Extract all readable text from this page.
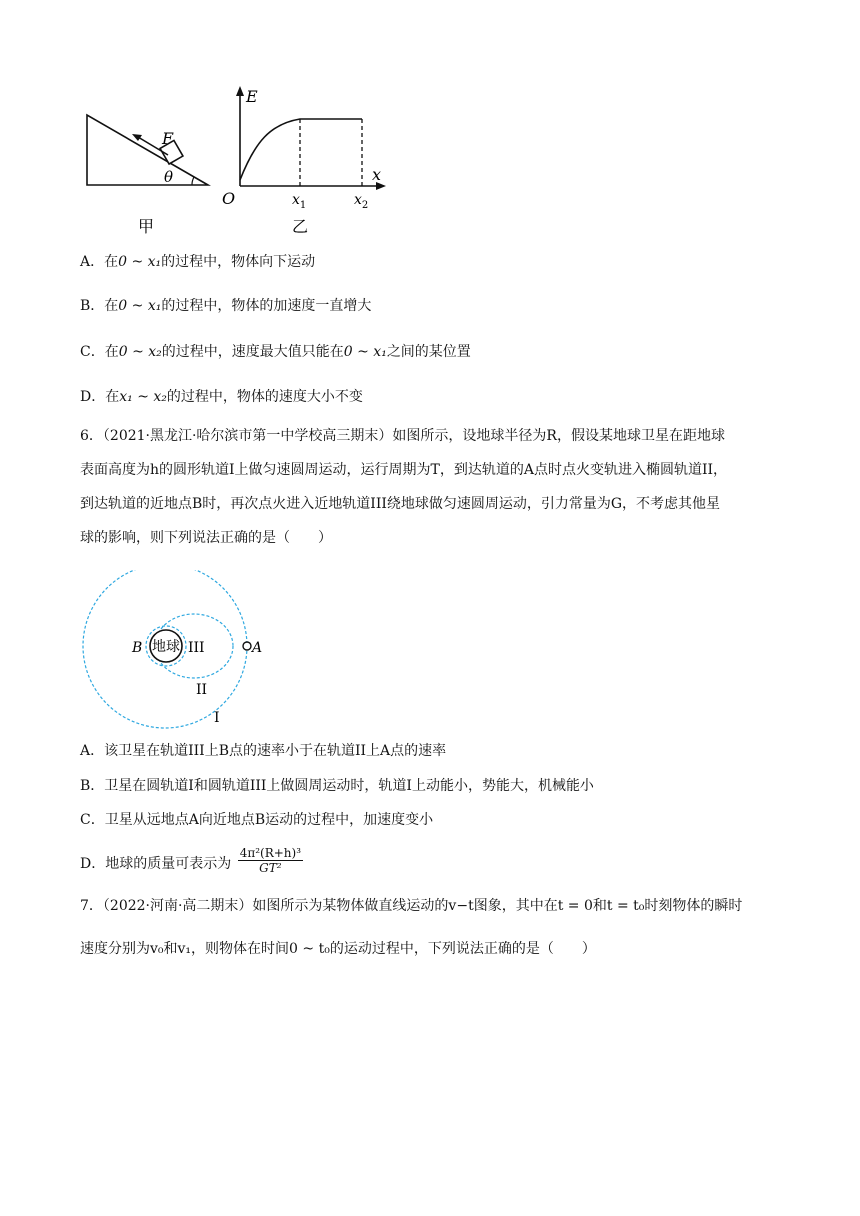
F
θ
E
x
O	$x_1$	$x_2$
甲	乙
A．在0 ~ x₁的过程中，物体向下运动
B．在0 ~ x₁的过程中，物体的加速度一直增大
C．在0 ~ x₂的过程中，速度最大值只能在0 ~ x₁之间的某位置
D．在x₁ ~ x₂的过程中，物体的速度大小不变
6．（2021·黑龙江·哈尔滨市第一中学校高三期末）如图所示，设地球半径为R，假设某地球卫星在距地球
表面高度为h的圆形轨道I上做匀速圆周运动，运行周期为T，到达轨道的A点时点火变轨进入椭圆轨道II，
到达轨道的近地点B时，再次点火进入近地轨道III绕地球做匀速圆周运动，引力常量为G，不考虑其他星
球的影响，则下列说法正确的是（　　）
地球
B	III	A
II
I
A．该卫星在轨道III上B点的速率小于在轨道II上A点的速率
B．卫星在圆轨道I和圆轨道III上做圆周运动时，轨道I上动能小，势能大，机械能小
C．卫星从远地点A向近地点B运动的过程中，加速度变小
D．地球的质量可表示为 $\frac{\text{4π²(R+h)³}}{\text{GT²}}$
7．（2022·河南·高二期末）如图所示为某物体做直线运动的v−t图象，其中在t = 0和t = t₀时刻物体的瞬时
速度分别为v₀和v₁，则物体在时间0 ~ t₀的运动过程中，下列说法正确的是（　　）
